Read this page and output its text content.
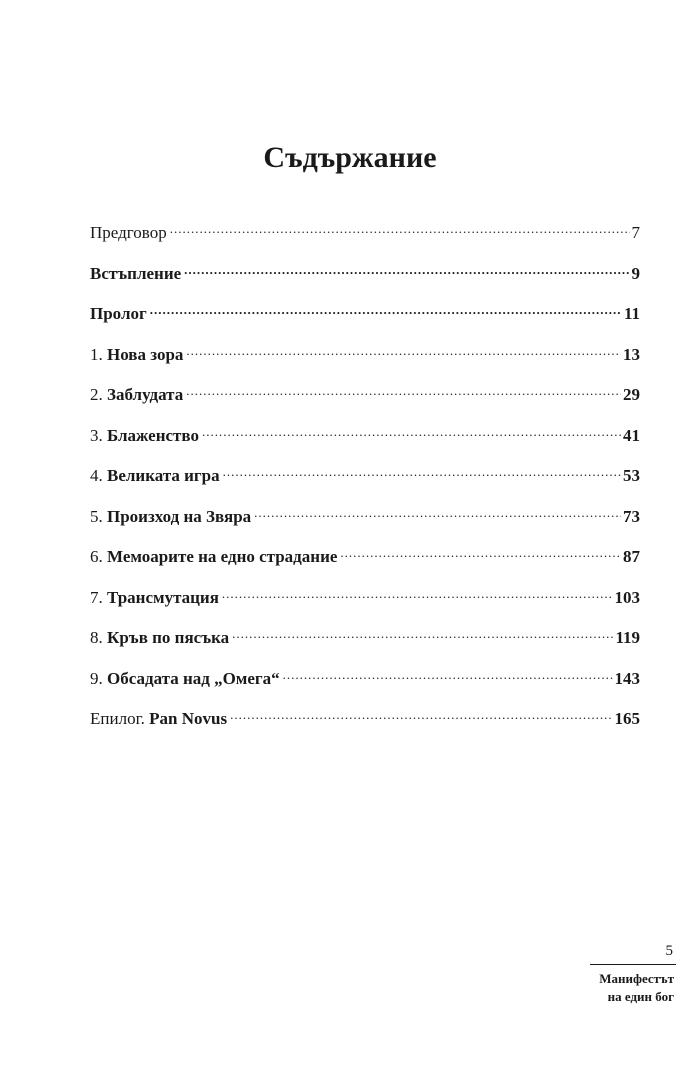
Съдържание
Предговор .....	7
Встъпление .....	9
Пролог .....	11
1. Нова зора .....	13
2. Заблудата .....	29
3. Блаженство .....	41
4. Великата игра .....	53
5. Произход на Звяра .....	73
6. Мемоарите на едно страдание .....	87
7. Трансмутация .....	103
8. Кръв по пясъка .....	119
9. Обсадата над „Омега“ .....	143
Епилог. Pan Novus .....	165
5
Манифестът
на един бог
